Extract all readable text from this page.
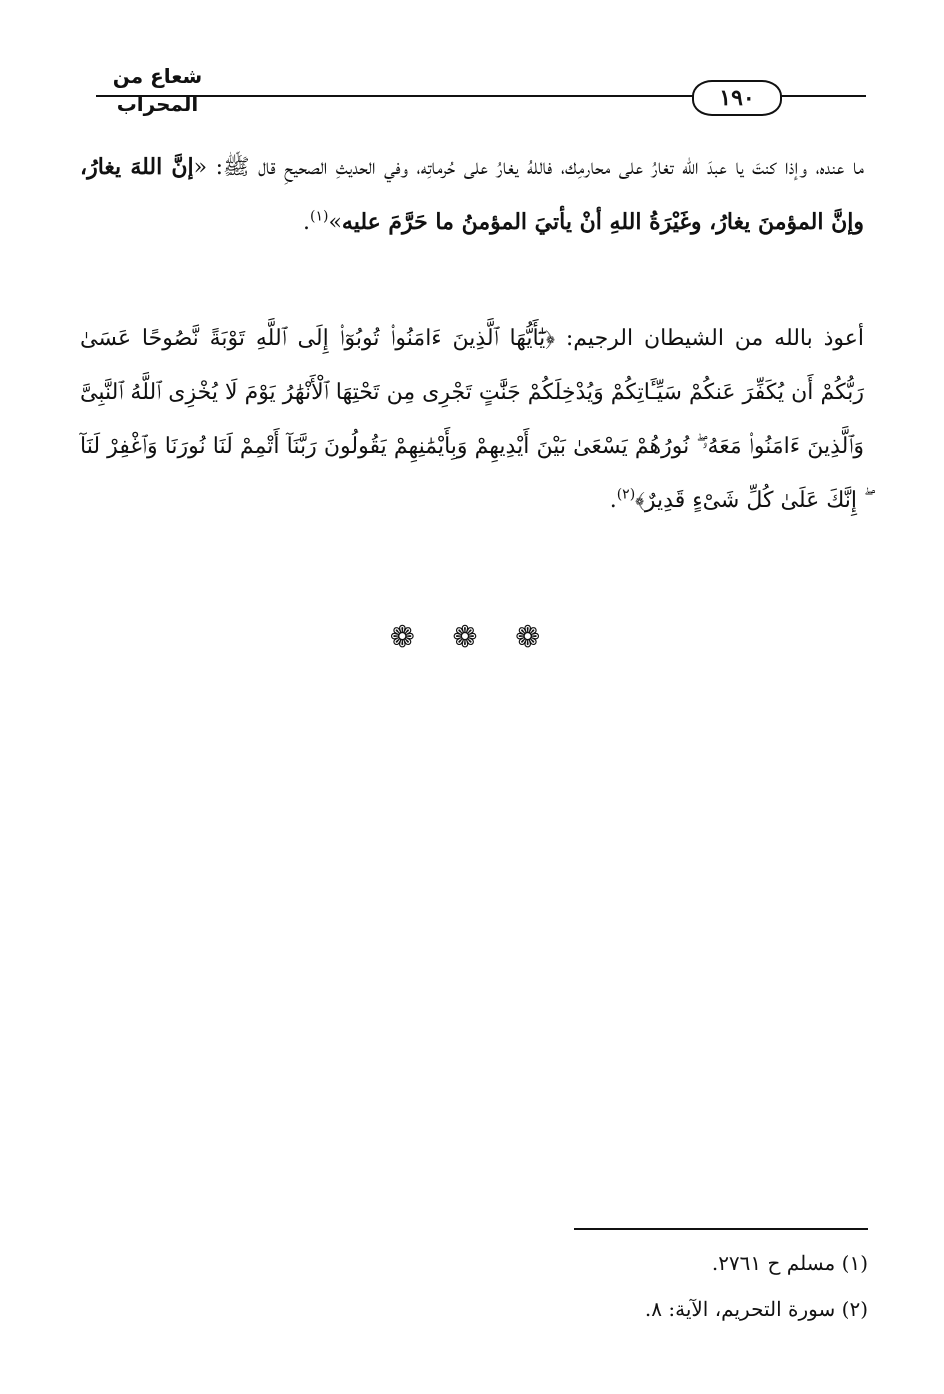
شعاع من المحراب	١٩٠
ما عنده، وإذا كنتَ يا عبدَ الله تغارُ على محارمِك، فاللهُ يغارُ على حُرماتِه، وفي الحديثِ الصحيحِ قال ﷺ: «إنَّ اللهَ يغارُ، وإنَّ المؤمنَ يغارُ، وغَيْرَةُ اللهِ أنْ يأتيَ المؤمنُ ما حَرَّمَ عليه»$^{(١)}$.
أعوذ بالله من الشيطان الرجيم: ﴿يَٰٓأَيُّهَا ٱلَّذِينَ ءَامَنُوا۟ تُوبُوٓا۟ إِلَى ٱللَّهِ تَوْبَةً نَّصُوحًا عَسَىٰ رَبُّكُمْ أَن يُكَفِّرَ عَنكُمْ سَيِّـَٔاتِكُمْ وَيُدْخِلَكُمْ جَنَّٰتٍ تَجْرِى مِن تَحْتِهَا ٱلْأَنْهَٰرُ يَوْمَ لَا يُخْزِى ٱللَّهُ ٱلنَّبِىَّ وَٱلَّذِينَ ءَامَنُوا۟ مَعَهُۥ ۖ نُورُهُمْ يَسْعَىٰ بَيْنَ أَيْدِيهِمْ وَبِأَيْمَٰنِهِمْ يَقُولُونَ رَبَّنَآ أَتْمِمْ لَنَا نُورَنَا وَٱغْفِرْ لَنَآ ۖ إِنَّكَ عَلَىٰ كُلِّ شَىْءٍ قَدِيرٌ﴾$^{(٢)}$.
❁ ❁ ❁
(١) مسلم ح ٢٧٦١.
(٢) سورة التحريم، الآية: ٨.
